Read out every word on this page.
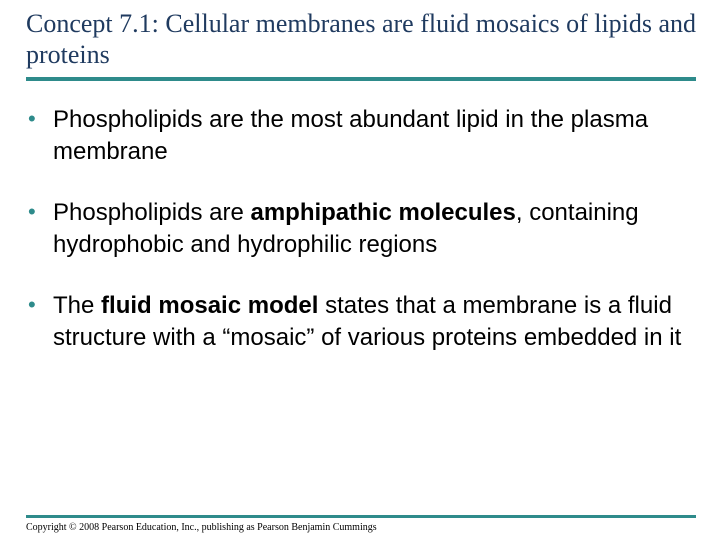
Concept 7.1: Cellular membranes are fluid mosaics of lipids and proteins
• Phospholipids are the most abundant lipid in the plasma membrane
• Phospholipids are amphipathic molecules, containing hydrophobic and hydrophilic regions
• The fluid mosaic model states that a membrane is a fluid structure with a “mosaic” of various proteins embedded in it

Copyright © 2008 Pearson Education, Inc., publishing as Pearson Benjamin Cummings
